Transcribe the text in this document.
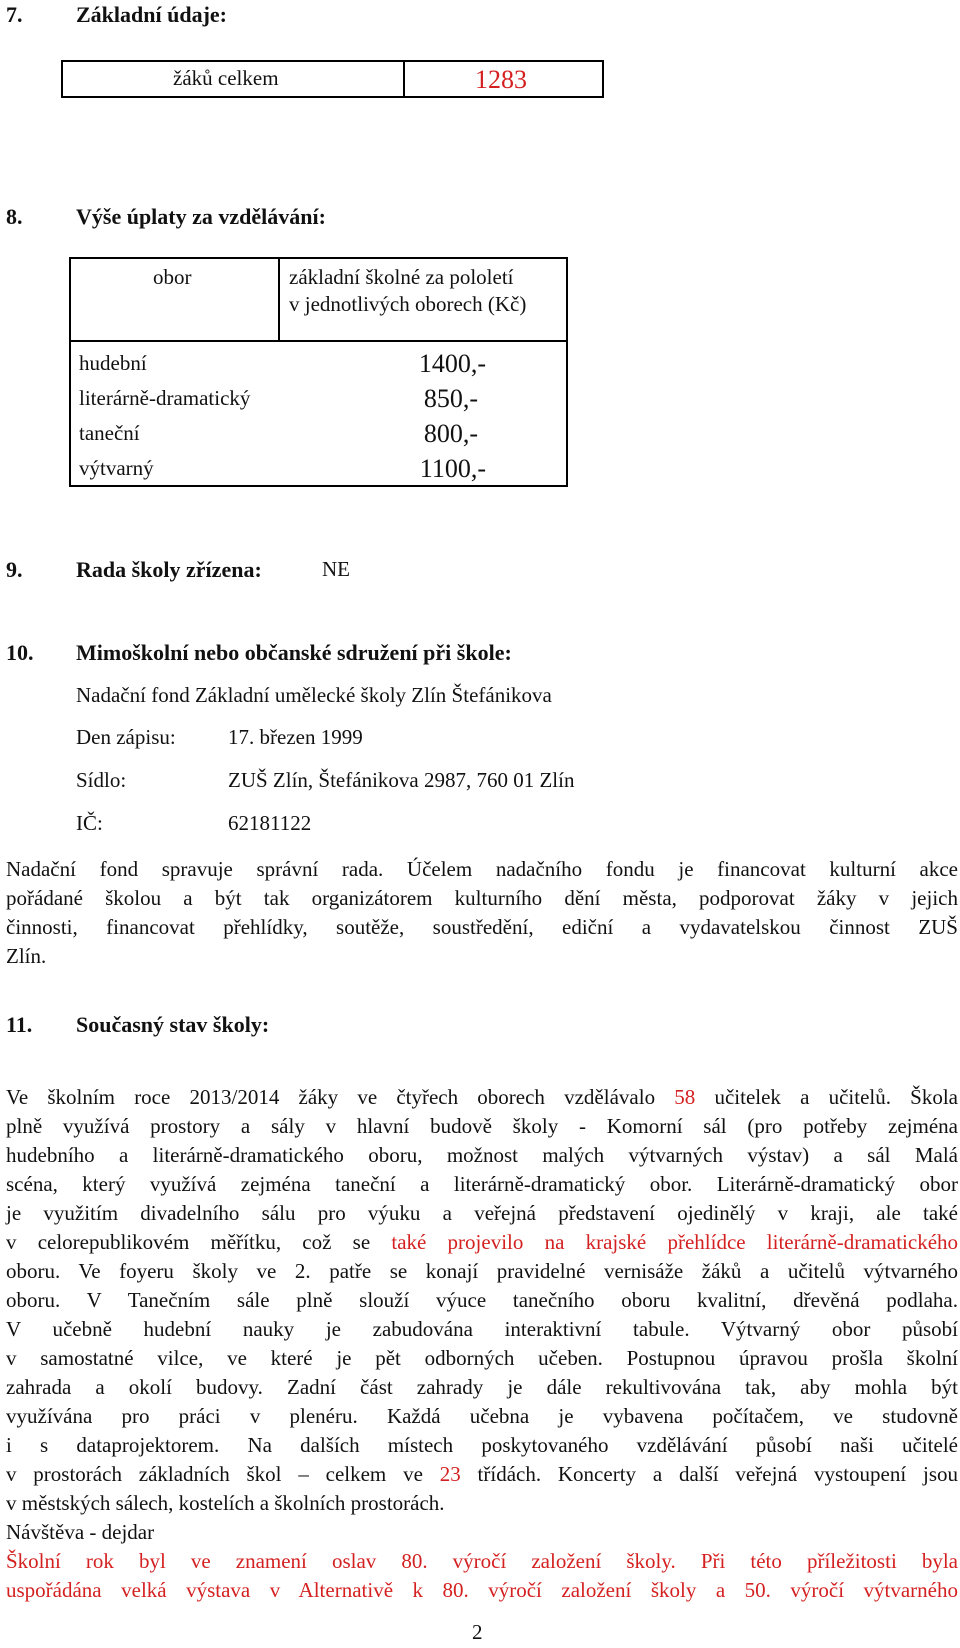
7. Základní údaje:
žáků celkem	1283
8. Výše úplaty za vzdělávání:
obor	základní školné za pololetí
v jednotlivých oborech (Kč)
hudební	1400,-
literárně-dramatický	850,-
taneční	800,-
výtvarný	1100,-
9. Rada školy zřízena:	NE
10. Mimoškolní nebo občanské sdružení při škole:
Nadační fond Základní umělecké školy Zlín Štefánikova
Den zápisu: 17. březen 1999
Sídlo:	ZUŠ Zlín, Štefánikova 2987, 760 01 Zlín
IČ:	62181122
Nadační fond spravuje správní rada. Účelem nadačního fondu je financovat kulturní akce
pořádané školou a být tak organizátorem kulturního dění města, podporovat žáky v jejich
činnosti, financovat přehlídky, soutěže, soustředění, ediční a vydavatelskou činnost ZUŠ
Zlín.
11. Současný stav školy:
Ve školním roce 2013/2014 žáky ve čtyřech oborech vzdělávalo 58 učitelek a učitelů. Škola
plně využívá prostory a sály v hlavní budově školy - Komorní sál (pro potřeby zejména
hudebního a literárně-dramatického oboru, možnost malých výtvarných výstav) a sál Malá
scéna, který využívá zejména taneční a literárně-dramatický obor. Literárně-dramatický obor
je využitím divadelního sálu pro výuku a veřejná představení ojedinělý v kraji, ale také
v celorepublikovém měřítku, což se také projevilo na krajské přehlídce literárně-dramatického
oboru. Ve foyeru školy ve 2. patře se konají pravidelné vernisáže žáků a učitelů výtvarného
oboru. V Tanečním sále plně slouží výuce tanečního oboru kvalitní, dřevěná podlaha.
V učebně hudební nauky je zabudována interaktivní tabule. Výtvarný obor působí
v samostatné vilce, ve které je pět odborných učeben. Postupnou úpravou prošla školní
zahrada a okolí budovy. Zadní část zahrady je dále rekultivována tak, aby mohla být
využívána pro práci v plenéru. Každá učebna je vybavena počítačem, ve studovně
i s dataprojektorem. Na dalších místech poskytovaného vzdělávání působí naši učitelé
v prostorách základních škol – celkem ve 23 třídách. Koncerty a další veřejná vystoupení jsou
v městských sálech, kostelích a školních prostorách.
Návštěva - dejdar
Školní rok byl ve znamení oslav 80. výročí založení školy. Při této příležitosti byla
uspořádána velká výstava v Alternativě k 80. výročí založení školy a 50. výročí výtvarného
2
